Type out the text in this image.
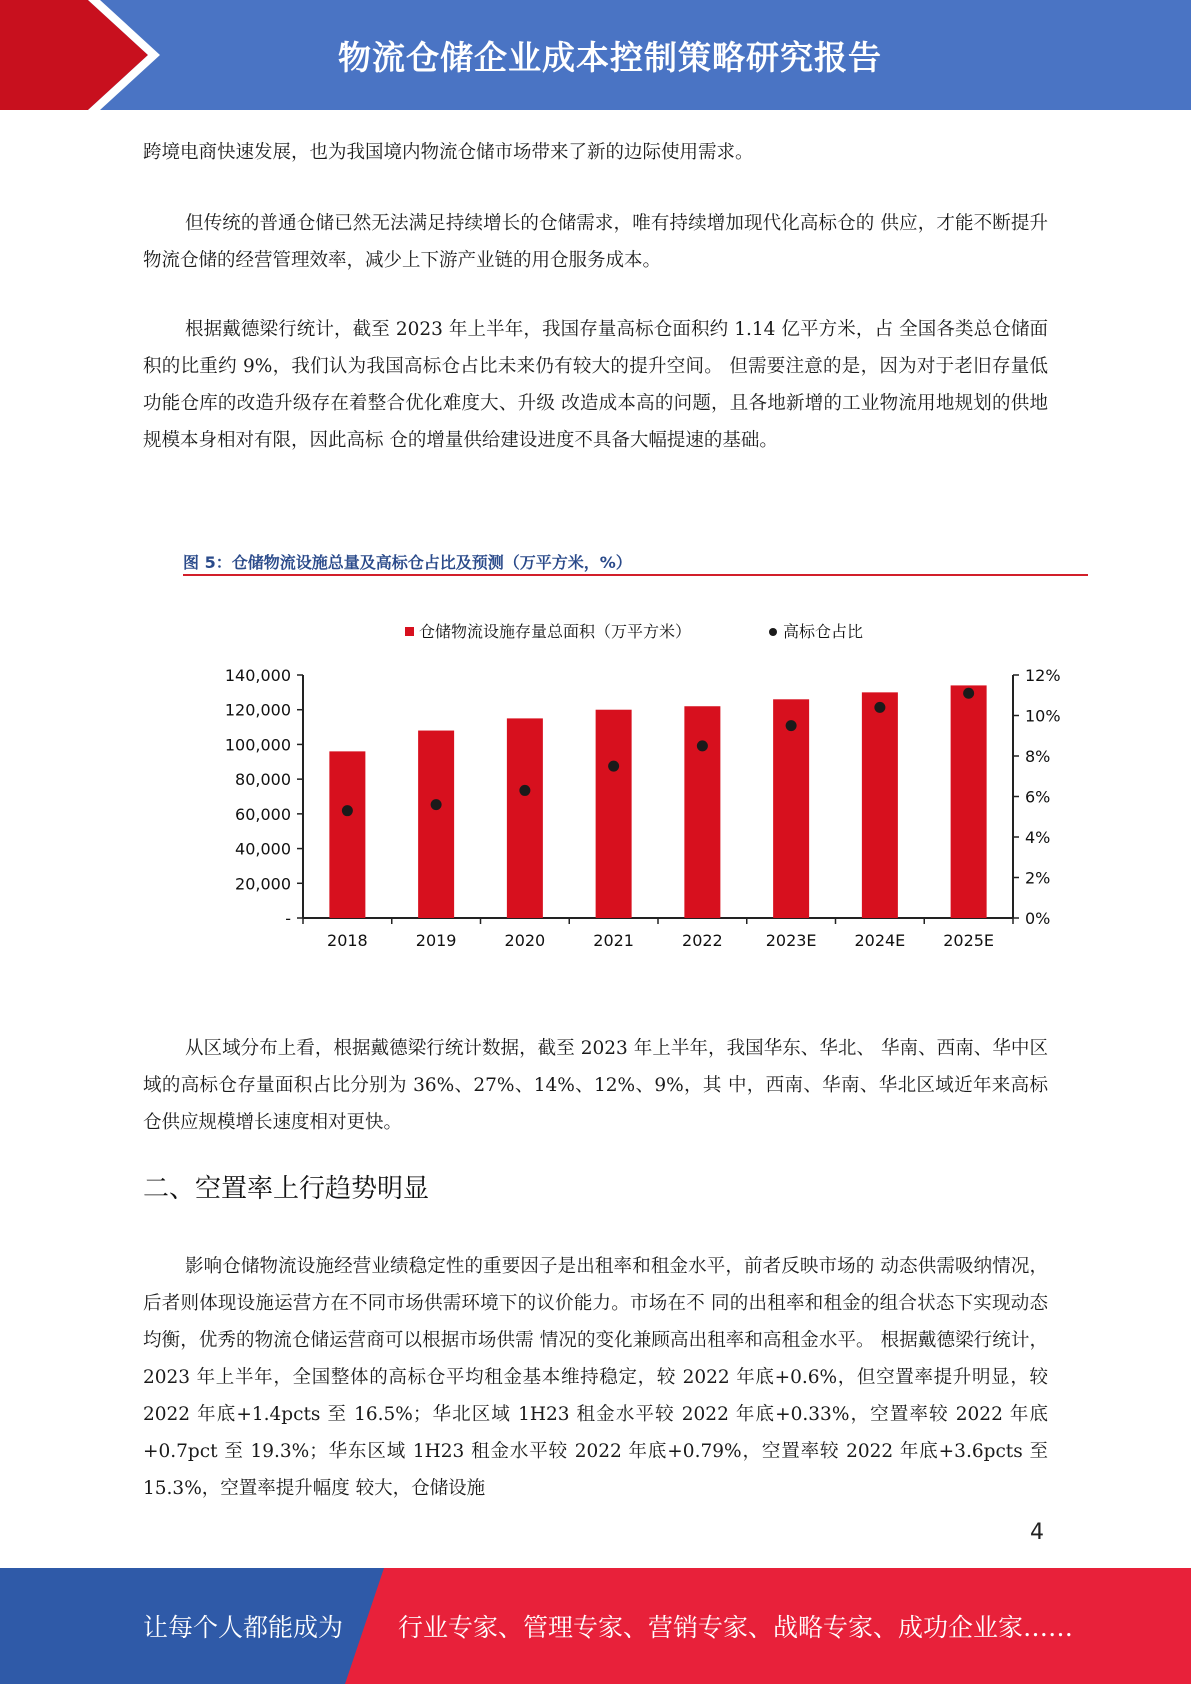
物流仓储企业成本控制策略研究报告
跨境电商快速发展，也为我国境内物流仓储市场带来了新的边际使用需求。
但传统的普通仓储已然无法满足持续增长的仓储需求，唯有持续增加现代化高标仓的 供应，才能不断提升物流仓储的经营管理效率，减少上下游产业链的用仓服务成本。
根据戴德梁行统计，截至 2023 年上半年，我国存量高标仓面积约 1.14 亿平方米，占 全国各类总仓储面积的比重约 9%，我们认为我国高标仓占比未来仍有较大的提升空间。 但需要注意的是，因为对于老旧存量低功能仓库的改造升级存在着整合优化难度大、升级 改造成本高的问题，且各地新增的工业物流用地规划的供地规模本身相对有限，因此高标 仓的增量供给建设进度不具备大幅提速的基础。
图 5：仓储物流设施总量及高标仓占比及预测（万平方米，%）
仓储物流设施存量总面积（万平方米）	高标仓占比
-
20,000
40,000
60,000
80,000
100,000
120,000
140,000
0%
2%
4%
6%
8%
10%
12%
2018	2019	2020	2021	2022	2023E 2024E 2025E
从区域分布上看，根据戴德梁行统计数据，截至 2023 年上半年，我国华东、华北、 华南、西南、华中区域的高标仓存量面积占比分别为 36%、27%、14%、12%、9%，其 中，西南、华南、华北区域近年来高标仓供应规模增长速度相对更快。
二、空置率上行趋势明显
影响仓储物流设施经营业绩稳定性的重要因子是出租率和租金水平，前者反映市场的 动态供需吸纳情况，后者则体现设施运营方在不同市场供需环境下的议价能力。市场在不 同的出租率和租金的组合状态下实现动态均衡，优秀的物流仓储运营商可以根据市场供需 情况的变化兼顾高出租率和高租金水平。 根据戴德梁行统计，2023 年上半年，全国整体的高标仓平均租金基本维持稳定，较 2022 年底+0.6%，但空置率提升明显，较 2022 年底+1.4pcts 至 16.5%；华北区域 1H23 租金水平较 2022 年底+0.33%，空置率较 2022 年底+0.7pct 至 19.3%；华东区域 1H23 租金水平较 2022 年底+0.79%，空置率较 2022 年底+3.6pcts 至 15.3%，空置率提升幅度 较大，仓储设施
4
让每个人都能成为 行业专家、管理专家、营销专家、战略专家、成功企业家……
